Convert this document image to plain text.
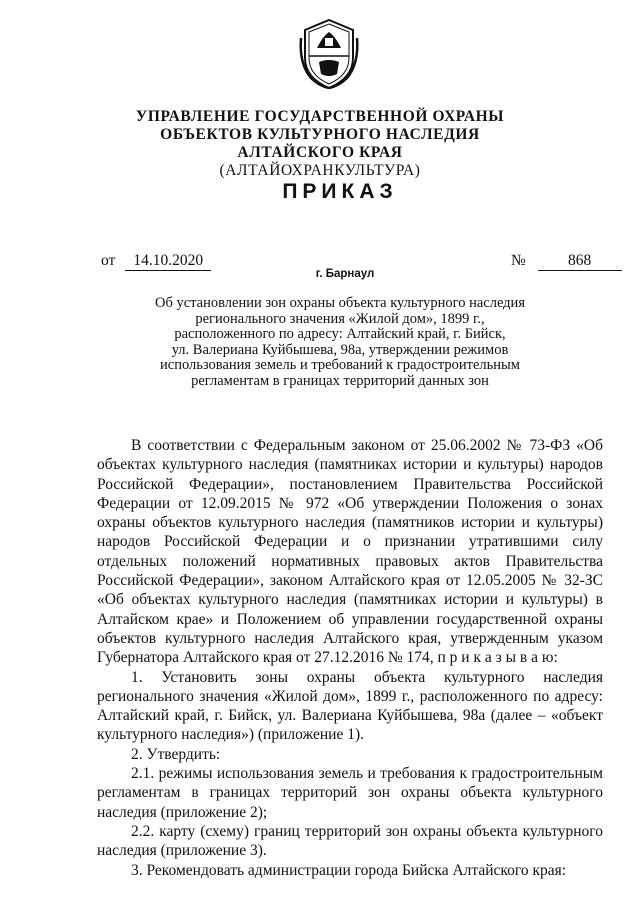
УПРАВЛЕНИЕ ГОСУДАРСТВЕННОЙ ОХРАНЫ
ОБЪЕКТОВ КУЛЬТУРНОГО НАСЛЕДИЯ
АЛТАЙСКОГО КРАЯ
(АЛТАЙОХРАНКУЛЬТУРА)
ПРИКАЗ
от 14.10.2020	№	868
г. Барнаул
Об установлении зон охраны объекта культурного наследия
регионального значения «Жилой дом», 1899 г.,
расположенного по адресу: Алтайский край, г. Бийск,
ул. Валериана Куйбышева, 98а, утверждении режимов
использования земель и требований к градостроительным
регламентам в границах территорий данных зон

В соответствии с Федеральным законом от 25.06.2002 № 73-ФЗ «Об объектах культурного наследия (памятниках истории и культуры) народов Российской Федерации», постановлением Правительства Российской Федерации от 12.09.2015 № 972 «Об утверждении Положения о зонах охраны объектов культурного наследия (памятников истории и культуры) народов Российской Федерации и о признании утратившими силу отдельных положений нормативных правовых актов Правительства Российской Федерации», законом Алтайского края от 12.05.2005 № 32-ЗС «Об объектах культурного наследия (памятниках истории и культуры) в Алтайском крае» и Положением об управлении государственной охраны объектов культурного наследия Алтайского края, утвержденным указом Губернатора Алтайского края от 27.12.2016 № 174, п р и к а з ы в а ю:

1. Установить зоны охраны объекта культурного наследия регионального значения «Жилой дом», 1899 г., расположенного по адресу: Алтайский край, г. Бийск, ул. Валериана Куйбышева, 98а (далее – «объект культурного наследия») (приложение 1).

2. Утвердить:

2.1. режимы использования земель и требования к градостроительным регламентам в границах территорий зон охраны объекта культурного наследия (приложение 2);

2.2. карту (схему) границ территорий зон охраны объекта культурного наследия (приложение 3).

3. Рекомендовать администрации города Бийска Алтайского края:
